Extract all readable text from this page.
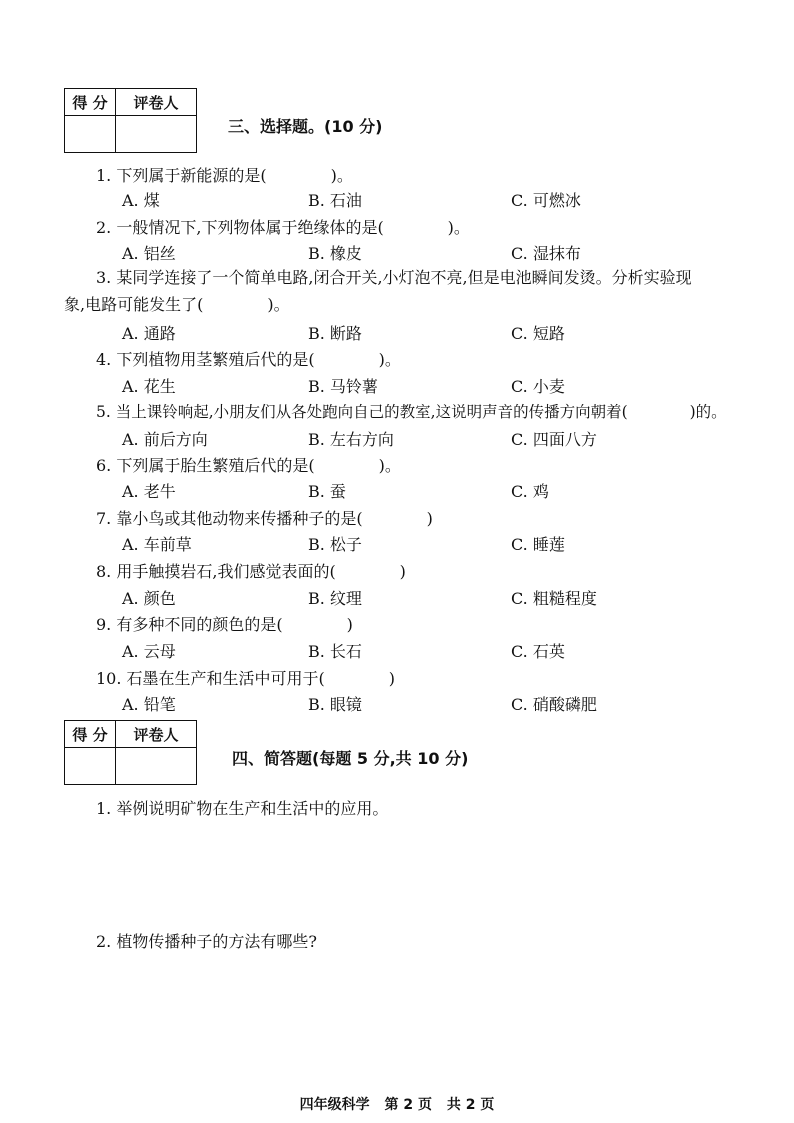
得 分	评卷人

三、选择题。(10 分)
1. 下列属于新能源的是(　　　　)。
A. 煤	B. 石油	C. 可燃冰
2. 一般情况下,下列物体属于绝缘体的是(　　　　)。
A. 铝丝	B. 橡皮	C. 湿抹布
3. 某同学连接了一个简单电路,闭合开关,小灯泡不亮,但是电池瞬间发烫。分析实验现象,电路可能发生了(　　　　)。
A. 通路	B. 断路	C. 短路
4. 下列植物用茎繁殖后代的是(　　　　)。
A. 花生	B. 马铃薯	C. 小麦
5. 当上课铃响起,小朋友们从各处跑向自己的教室,这说明声音的传播方向朝着(　　　　)的。
A. 前后方向	B. 左右方向	C. 四面八方
6. 下列属于胎生繁殖后代的是(　　　　)。
A. 老牛	B. 蚕	C. 鸡
7. 靠小鸟或其他动物来传播种子的是(　　　　)
A. 车前草	B. 松子	C. 睡莲
8. 用手触摸岩石,我们感觉表面的(　　　　)
A. 颜色	B. 纹理	C. 粗糙程度
9. 有多种不同的颜色的是(　　　　)
A. 云母	B. 长石	C. 石英
10. 石墨在生产和生活中可用于(　　　　)
A. 铅笔	B. 眼镜	C. 硝酸磷肥
得 分	评卷人

四、简答题(每题 5 分,共 10 分)
1. 举例说明矿物在生产和生活中的应用。
2. 植物传播种子的方法有哪些?
四年级科学 第 2 页 共 2 页
